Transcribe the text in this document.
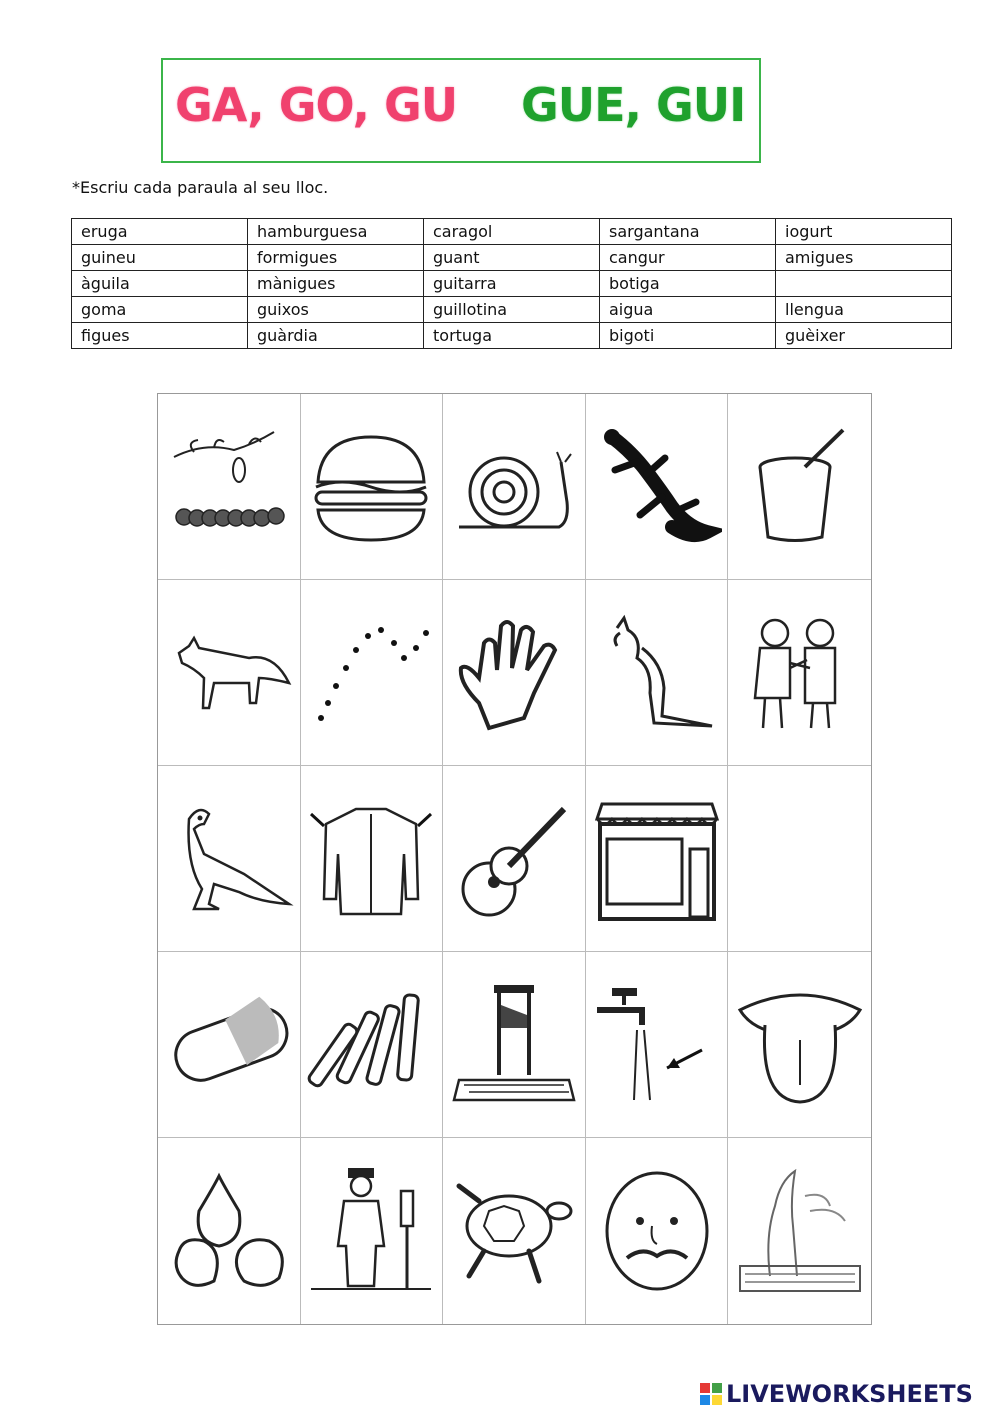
GA, GO, GU GUE, GUI
*Escriu cada paraula al seu lloc.
eruga	hamburguesa	caragol	sargantana	iogurt
guineu	formigues	guant	cangur	amigues
àguila	mànigues	guitarra	botiga	
goma	guixos	guillotina	aigua	llengua
figues	guàrdia	tortuga	bigoti	guèixer
LIVEWORKSHEETS
